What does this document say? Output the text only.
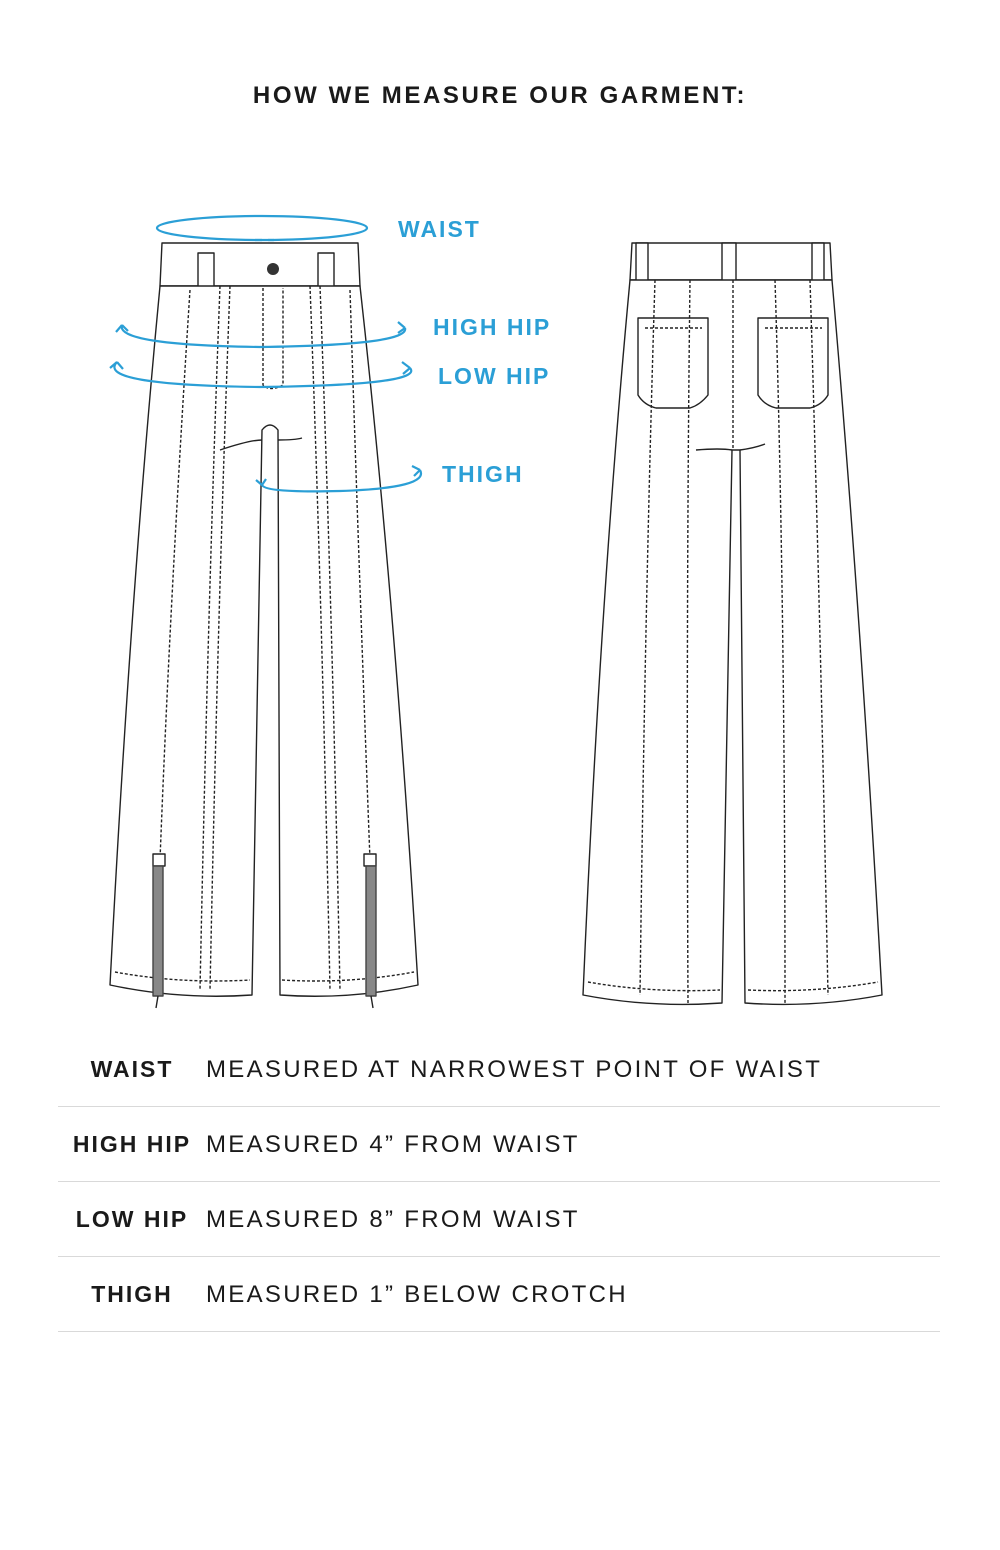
HOW WE MEASURE OUR GARMENT:
WAIST
HIGH HIP
LOW HIP
THIGH
WAIST	MEASURED AT NARROWEST POINT OF WAIST
HIGH HIP MEASURED 4” FROM WAIST
LOW HIP MEASURED 8” FROM WAIST
THIGH	MEASURED 1” BELOW CROTCH
